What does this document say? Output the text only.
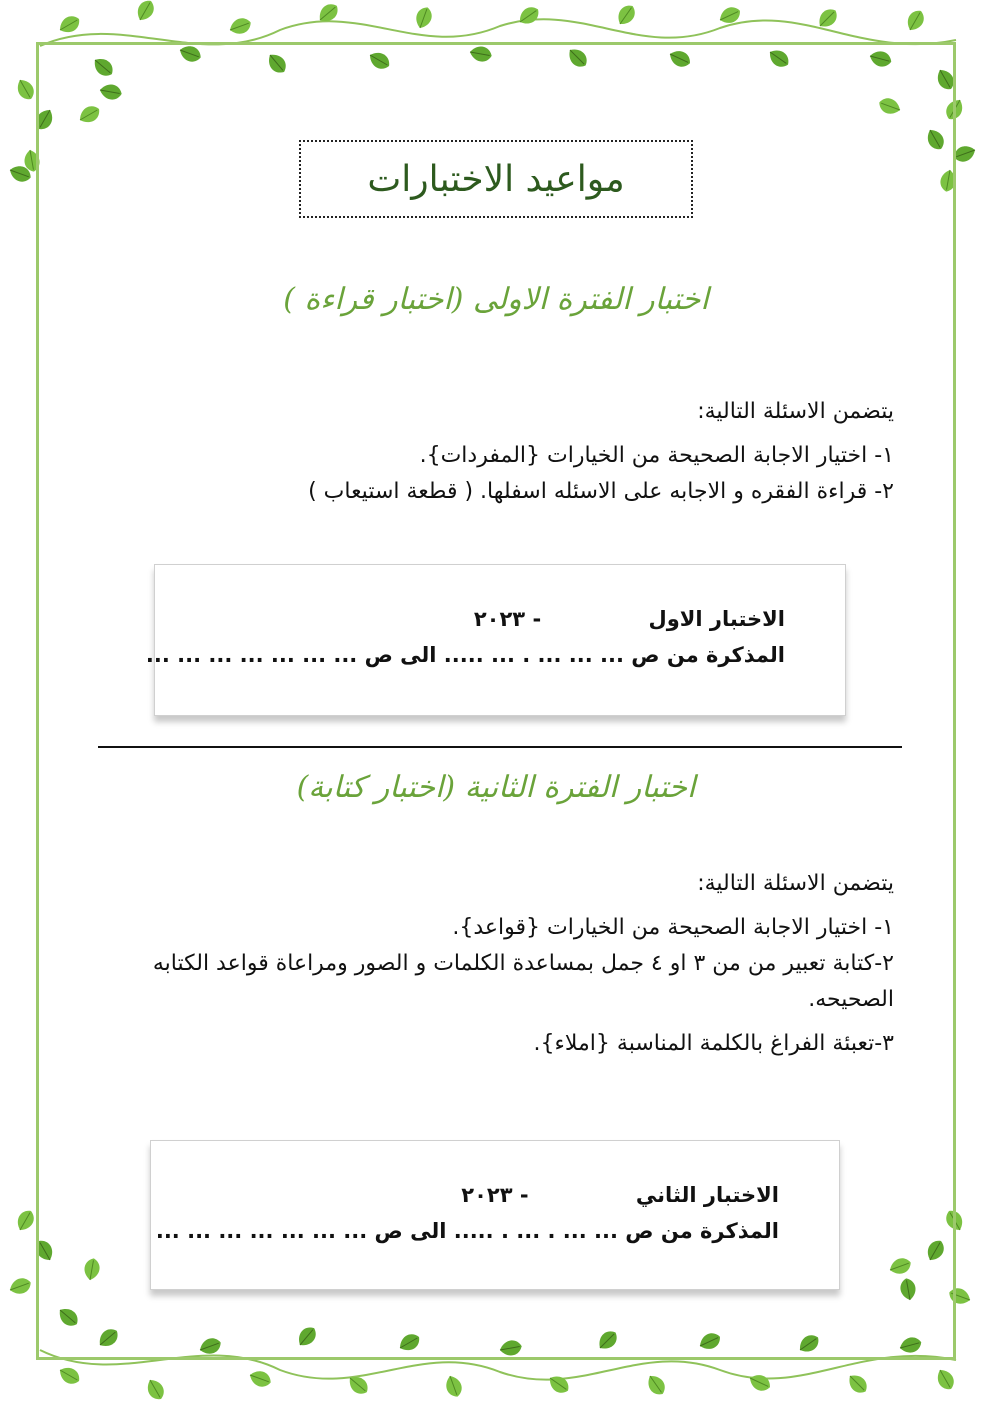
مواعيد الاختبارات
اختبار الفترة الاولى (اختبار قراءة )

يتضمن الاسئلة التالية:

١- اختيار الاجابة الصحيحة من الخيارات {المفردات}.

٢- قراءة الفقره و الاجابه على الاسئله اسفلها. ( قطعة استيعاب )

الاختبار الاول - ٢٠٢٣
المذكرة من ص ... ... ... . ... ..... الى ص ... ... ... ... ... ... ...
اختبار الفترة الثانية (اختبار كتابة)

يتضمن الاسئلة التالية:

١- اختيار الاجابة الصحيحة من الخيارات {قواعد}.

٢-كتابة تعبير من من ٣ او ٤ جمل بمساعدة الكلمات و الصور ومراعاة قواعد الكتابه الصحيحه.

٣-تعبئة الفراغ بالكلمة المناسبة {املاء}.

الاختبار الثاني - ٢٠٢٣
المذكرة من ص ... ... . ... . ..... الى ص ... ... ... ... ... ... ...
